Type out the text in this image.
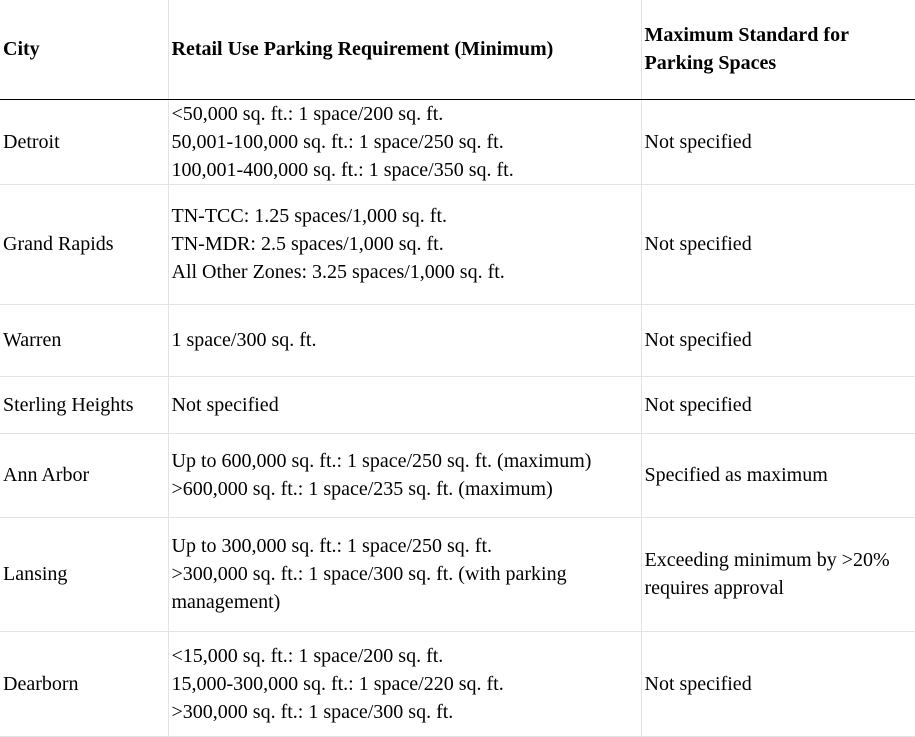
City	Retail Use Parking Requirement (Minimum)	Maximum Standard for Parking Spaces
Detroit	<50,000 sq. ft.: 1 space/200 sq. ft.
50,001-100,000 sq. ft.: 1 space/250 sq. ft.
100,001-400,000 sq. ft.: 1 space/350 sq. ft.	Not specified
Grand Rapids	TN-TCC: 1.25 spaces/1,000 sq. ft.
TN-MDR: 2.5 spaces/1,000 sq. ft.
All Other Zones: 3.25 spaces/1,000 sq. ft.	Not specified
Warren	1 space/300 sq. ft.	Not specified
Sterling Heights	Not specified	Not specified
Ann Arbor	Up to 600,000 sq. ft.: 1 space/250 sq. ft. (maximum)
>600,000 sq. ft.: 1 space/235 sq. ft. (maximum)	Specified as maximum
Lansing	Up to 300,000 sq. ft.: 1 space/250 sq. ft.
>300,000 sq. ft.: 1 space/300 sq. ft. (with parking management)	Exceeding minimum by >20% requires approval
Dearborn	<15,000 sq. ft.: 1 space/200 sq. ft.
15,000-300,000 sq. ft.: 1 space/220 sq. ft.
>300,000 sq. ft.: 1 space/300 sq. ft.	Not specified
